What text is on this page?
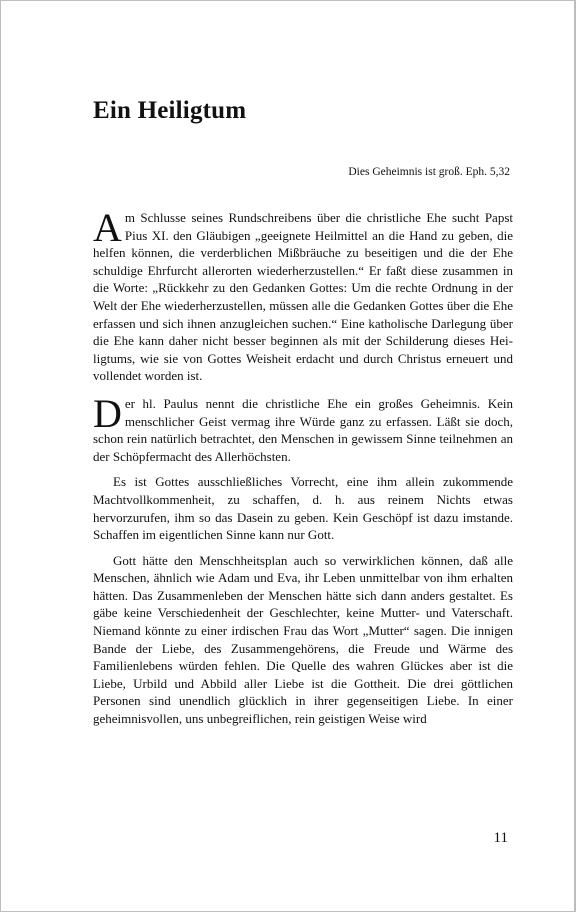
Ein Heiligtum
Dies Geheimnis ist groß. Eph. 5,32

Am Schlusse seines Rundschreibens über die christliche Ehe sucht Papst Pius XI. den Gläubigen „geeignete Heilmittel an die Hand zu geben, die helfen können, die verderblichen Mißbräuche zu beseitigen und die der Ehe schuldige Ehrfurcht allerorten wiederherzustellen.“ Er faßt diese zusammen in die Worte: „Rückkehr zu den Gedanken Gottes: Um die rechte Ordnung in der Welt der Ehe wiederherzustellen, müssen alle die Gedanken Gottes über die Ehe erfassen und sich ihnen anzugleichen suchen.“ Eine katholische Darlegung über die Ehe kann daher nicht besser beginnen als mit der Schilderung dieses Heiligtums, wie sie von Gottes Weisheit erdacht und durch Christus erneuert und vollendet worden ist.

Der hl. Paulus nennt die christliche Ehe ein großes Geheimnis. Kein menschlicher Geist vermag ihre Würde ganz zu erfassen. Läßt sie doch, schon rein natürlich betrachtet, den Menschen in gewissem Sinne teilnehmen an der Schöpfermacht des Allerhöchsten.

Es ist Gottes ausschließliches Vorrecht, eine ihm allein zukommende Machtvollkommenheit, zu schaffen, d. h. aus reinem Nichts etwas hervorzurufen, ihm so das Dasein zu geben. Kein Geschöpf ist dazu imstande. Schaffen im eigentlichen Sinne kann nur Gott.

Gott hätte den Menschheitsplan auch so verwirklichen können, daß alle Menschen, ähnlich wie Adam und Eva, ihr Leben unmittelbar von ihm erhalten hätten. Das Zusammenleben der Menschen hätte sich dann anders gestaltet. Es gäbe keine Verschiedenheit der Geschlechter, keine Mutter- und Vaterschaft. Niemand könnte zu einer irdischen Frau das Wort „Mutter“ sagen. Die innigen Bande der Liebe, des Zusammengehörens, die Freude und Wärme des Familienlebens würden fehlen. Die Quelle des wahren Glückes aber ist die Liebe, Urbild und Abbild aller Liebe ist die Gottheit. Die drei göttlichen Personen sind unendlich glücklich in ihrer gegenseitigen Liebe. In einer geheimnisvollen, uns unbegreiflichen, rein geistigen Weise wird

11
